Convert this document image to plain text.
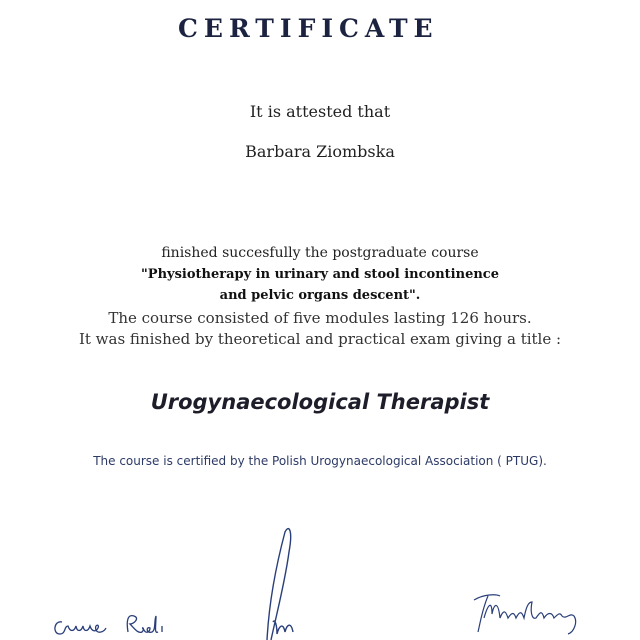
CERTIFICATE
It is attested that
Barbara Ziombska
finished succesfully the postgraduate course
"Physiotherapy in urinary and stool incontinence
and pelvic organs descent".
The course consisted of five modules lasting 126 hours.
It was finished by theoretical and practical exam giving a title :
Urogynaecological Therapist
The course is certified by the Polish Urogynaecological Association ( PTUG).
